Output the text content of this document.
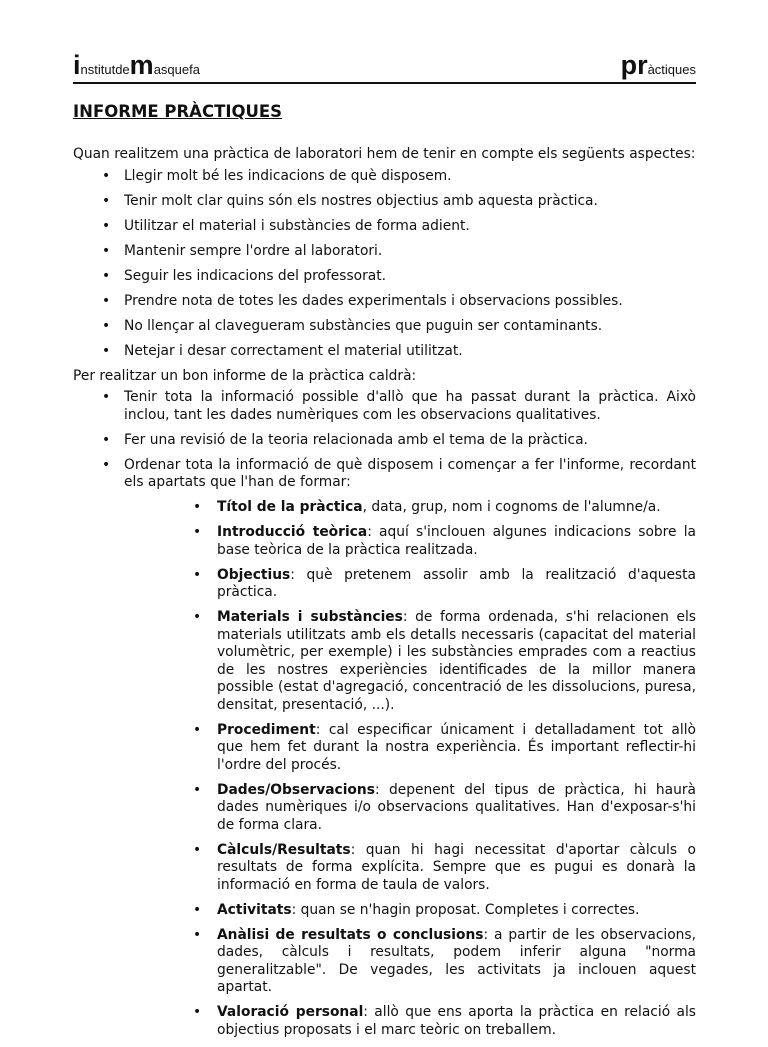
institutdemasquefa	pràctiques
INFORME PRÀCTIQUES

Quan realitzem una pràctica de laboratori hem de tenir en compte els següents aspectes:

• Llegir molt bé les indicacions de què disposem.
• Tenir molt clar quins són els nostres objectius amb aquesta pràctica.
• Utilitzar el material i substàncies de forma adient.
• Mantenir sempre l'ordre al laboratori.
• Seguir les indicacions del professorat.
• Prendre nota de totes les dades experimentals i observacions possibles.
• No llençar al clavegueram substàncies que puguin ser contaminants.
• Netejar i desar correctament el material utilitzat.

Per realitzar un bon informe de la pràctica caldrà:

• Tenir tota la informació possible d'allò que ha passat durant la pràctica. Això inclou, tant les dades numèriques com les observacions qualitatives.
• Fer una revisió de la teoria relacionada amb el tema de la pràctica.
• Ordenar tota la informació de què disposem i començar a fer l'informe, recordant els apartats que l'han de formar:
• Títol de la pràctica, data, grup, nom i cognoms de l'alumne/a.
• Introducció teòrica: aquí s'inclouen algunes indicacions sobre la base teòrica de la pràctica realitzada.
• Objectius: què pretenem assolir amb la realització d'aquesta pràctica.
• Materials i substàncies: de forma ordenada, s'hi relacionen els materials utilitzats amb els detalls necessaris (capacitat del material volumètric, per exemple) i les substàncies emprades com a reactius de les nostres experiències identificades de la millor manera possible (estat d'agregació, concentració de les dissolucions, puresa, densitat, presentació, ...).
• Procediment: cal especificar únicament i detalladament tot allò que hem fet durant la nostra experiència. És important reflectir-hi l'ordre del procés.
• Dades/Observacions: depenent del tipus de pràctica, hi haurà dades numèriques i/o observacions qualitatives. Han d'exposar-s'hi de forma clara.
• Càlculs/Resultats: quan hi hagi necessitat d'aportar càlculs o resultats de forma explícita. Sempre que es pugui es donarà la informació en forma de taula de valors.
• Activitats: quan se n'hagin proposat. Completes i correctes.
• Anàlisi de resultats o conclusions: a partir de les observacions, dades, càlculs i resultats, podem inferir alguna "norma generalitzable". De vegades, les activitats ja inclouen aquest apartat.
• Valoració personal: allò que ens aporta la pràctica en relació als objectius proposats i el marc teòric on treballem.
